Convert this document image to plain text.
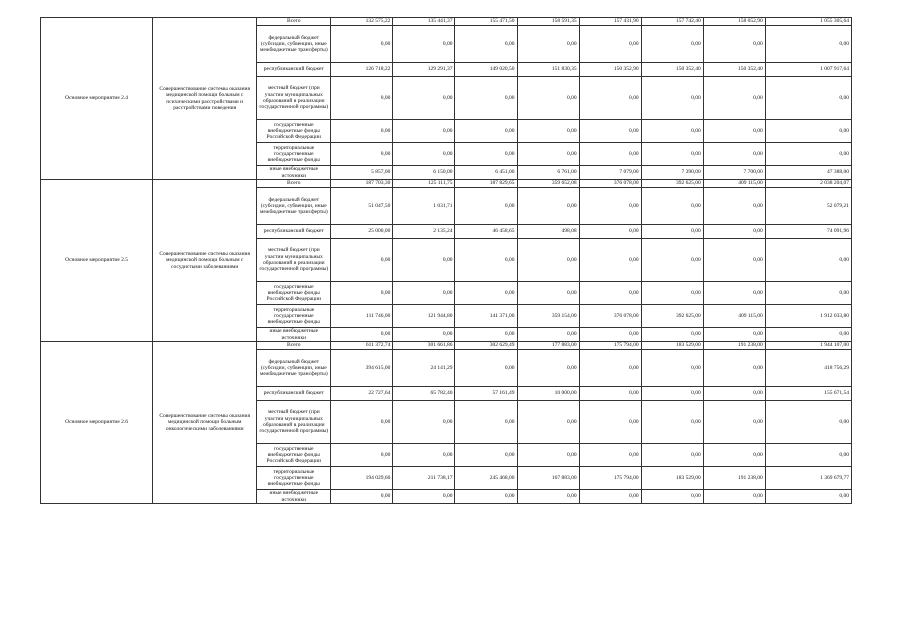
Основное мероприятие 2.4	Совершенствование системы оказания медицинской помощи больным с психическими расстройствами и расстройствами поведения	Всего	132 575,22	135 441,37	155 471,50	158 591,35	157 431,90	157 742,40	158 052,90	1 055 305,64
		федеральный бюджет (субсидии, субвенции, иные межбюджетные трансферты)	0,00	0,00	0,00	0,00	0,00	0,00	0,00	0,00
		республиканский бюджет	126 718,22	129 291,37	149 020,50	151 830,35	150 352,90	150 352,40	150 352,40	1 007 917,64
		местный бюджет (при участии муниципальных образований в реализации государственной программы)	0,00	0,00	0,00	0,00	0,00	0,00	0,00	0,00
		государственные внебюджетные фонды Российской Федерации	0,00	0,00	0,00	0,00	0,00	0,00	0,00	0,00
		территориальные государственные внебюджетные фонды	0,00	0,00	0,00	0,00	0,00	0,00	0,00	0,00
		иные внебюджетные источники	5 857,00	6 150,00	6 451,00	6 761,00	7 079,00	7 390,00	7 700,00	47 388,00
Основное мероприятие 2.5	Совершенствование системы оказания медицинской помощи больным с сосудистыми заболеваниями	Всего	187 703,30	125 111,75	187 829,65	359 652,08	376 078,00	392 625,00	409 115,00	2 038 204,07
		федеральный бюджет (субсидии, субвенции, иные межбюджетные трансферты)	51 047,50	1 031,71	0,00	0,00	0,00	0,00	0,00	52 079,21
		республиканский бюджет	25 000,00	2 135,24	46 458,65	498,08	0,00	0,00	0,00	74 091,96
		местный бюджет (при участии муниципальных образований в реализации государственной программы)	0,00	0,00	0,00	0,00	0,00	0,00	0,00	0,00
		государственные внебюджетные фонды Российской Федерации	0,00	0,00	0,00	0,00	0,00	0,00	0,00	0,00
		территориальные государственные внебюджетные фонды	111 746,00	121 944,80	141 371,00	359 154,00	376 078,00	392 625,00	409 115,00	1 912 033,80
		иные внебюджетные источники	0,00	0,00	0,00	0,00	0,00	0,00	0,00	0,00
Основное мероприятие 2.6	Совершенствование системы оказания медицинской помощи больным онкологическими заболеваниями	Всего	611 372,74	301 661,86	302 629,49	177 883,00	175 794,00	183 529,00	191 238,00	1 944 107,00
		федеральный бюджет (субсидии, субвенции, иные межбюджетные трансферты)	394 615,00	24 141,29	0,00	0,00	0,00	0,00	0,00	418 756,29
		республиканский бюджет	22 727,64	65 782,40	57 161,49	10 000,00	0,00	0,00	0,00	155 671,54
		местный бюджет (при участии муниципальных образований в реализации государственной программы)	0,00	0,00	0,00	0,00	0,00	0,00	0,00	0,00
		государственные внебюджетные фонды Российской Федерации	0,00	0,00	0,00	0,00	0,00	0,00	0,00	0,00
		территориальные государственные внебюджетные фонды	194 029,60	211 738,17	245 468,00	167 883,00	175 794,00	183 529,00	191 238,00	1 369 679,77
		иные внебюджетные источники	0,00	0,00	0,00	0,00	0,00	0,00	0,00	0,00
